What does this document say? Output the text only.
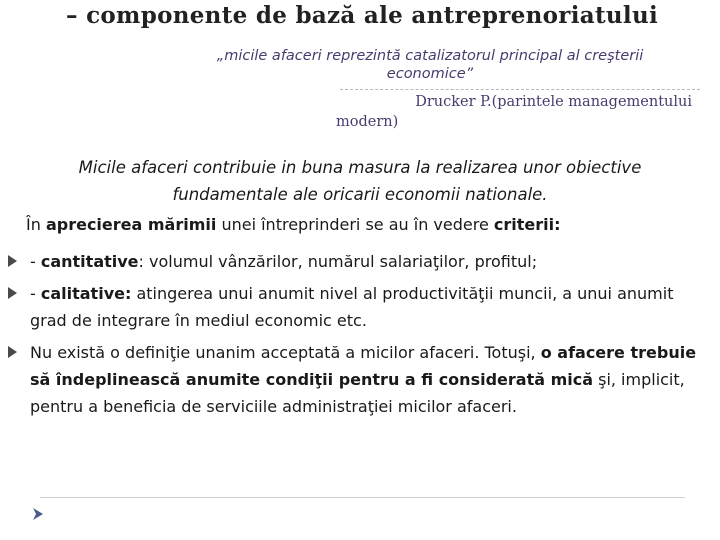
– componente de bază ale antreprenoriatului
„micile afaceri reprezintă catalizatorul principal al creşterii
economice”
Drucker P.(parintele managementului
modern)
Micile afaceri contribuie in buna masura la realizarea unor obiective
fundamentale ale oricarii economii nationale.
În aprecierea mărimii unei întreprinderi se au în vedere criterii:
- cantitative: volumul vânzărilor, numărul salariaţilor, profitul;
- calitative: atingerea unui anumit nivel al productivităţii muncii, a unui anumit grad de integrare în mediul economic etc.
Nu există o definiţie unanim acceptată a micilor afaceri. Totuşi, o afacere trebuie să îndeplinească anumite condiţii pentru a fi considerată mică şi, implicit, pentru a beneficia de serviciile administraţiei micilor afaceri.
